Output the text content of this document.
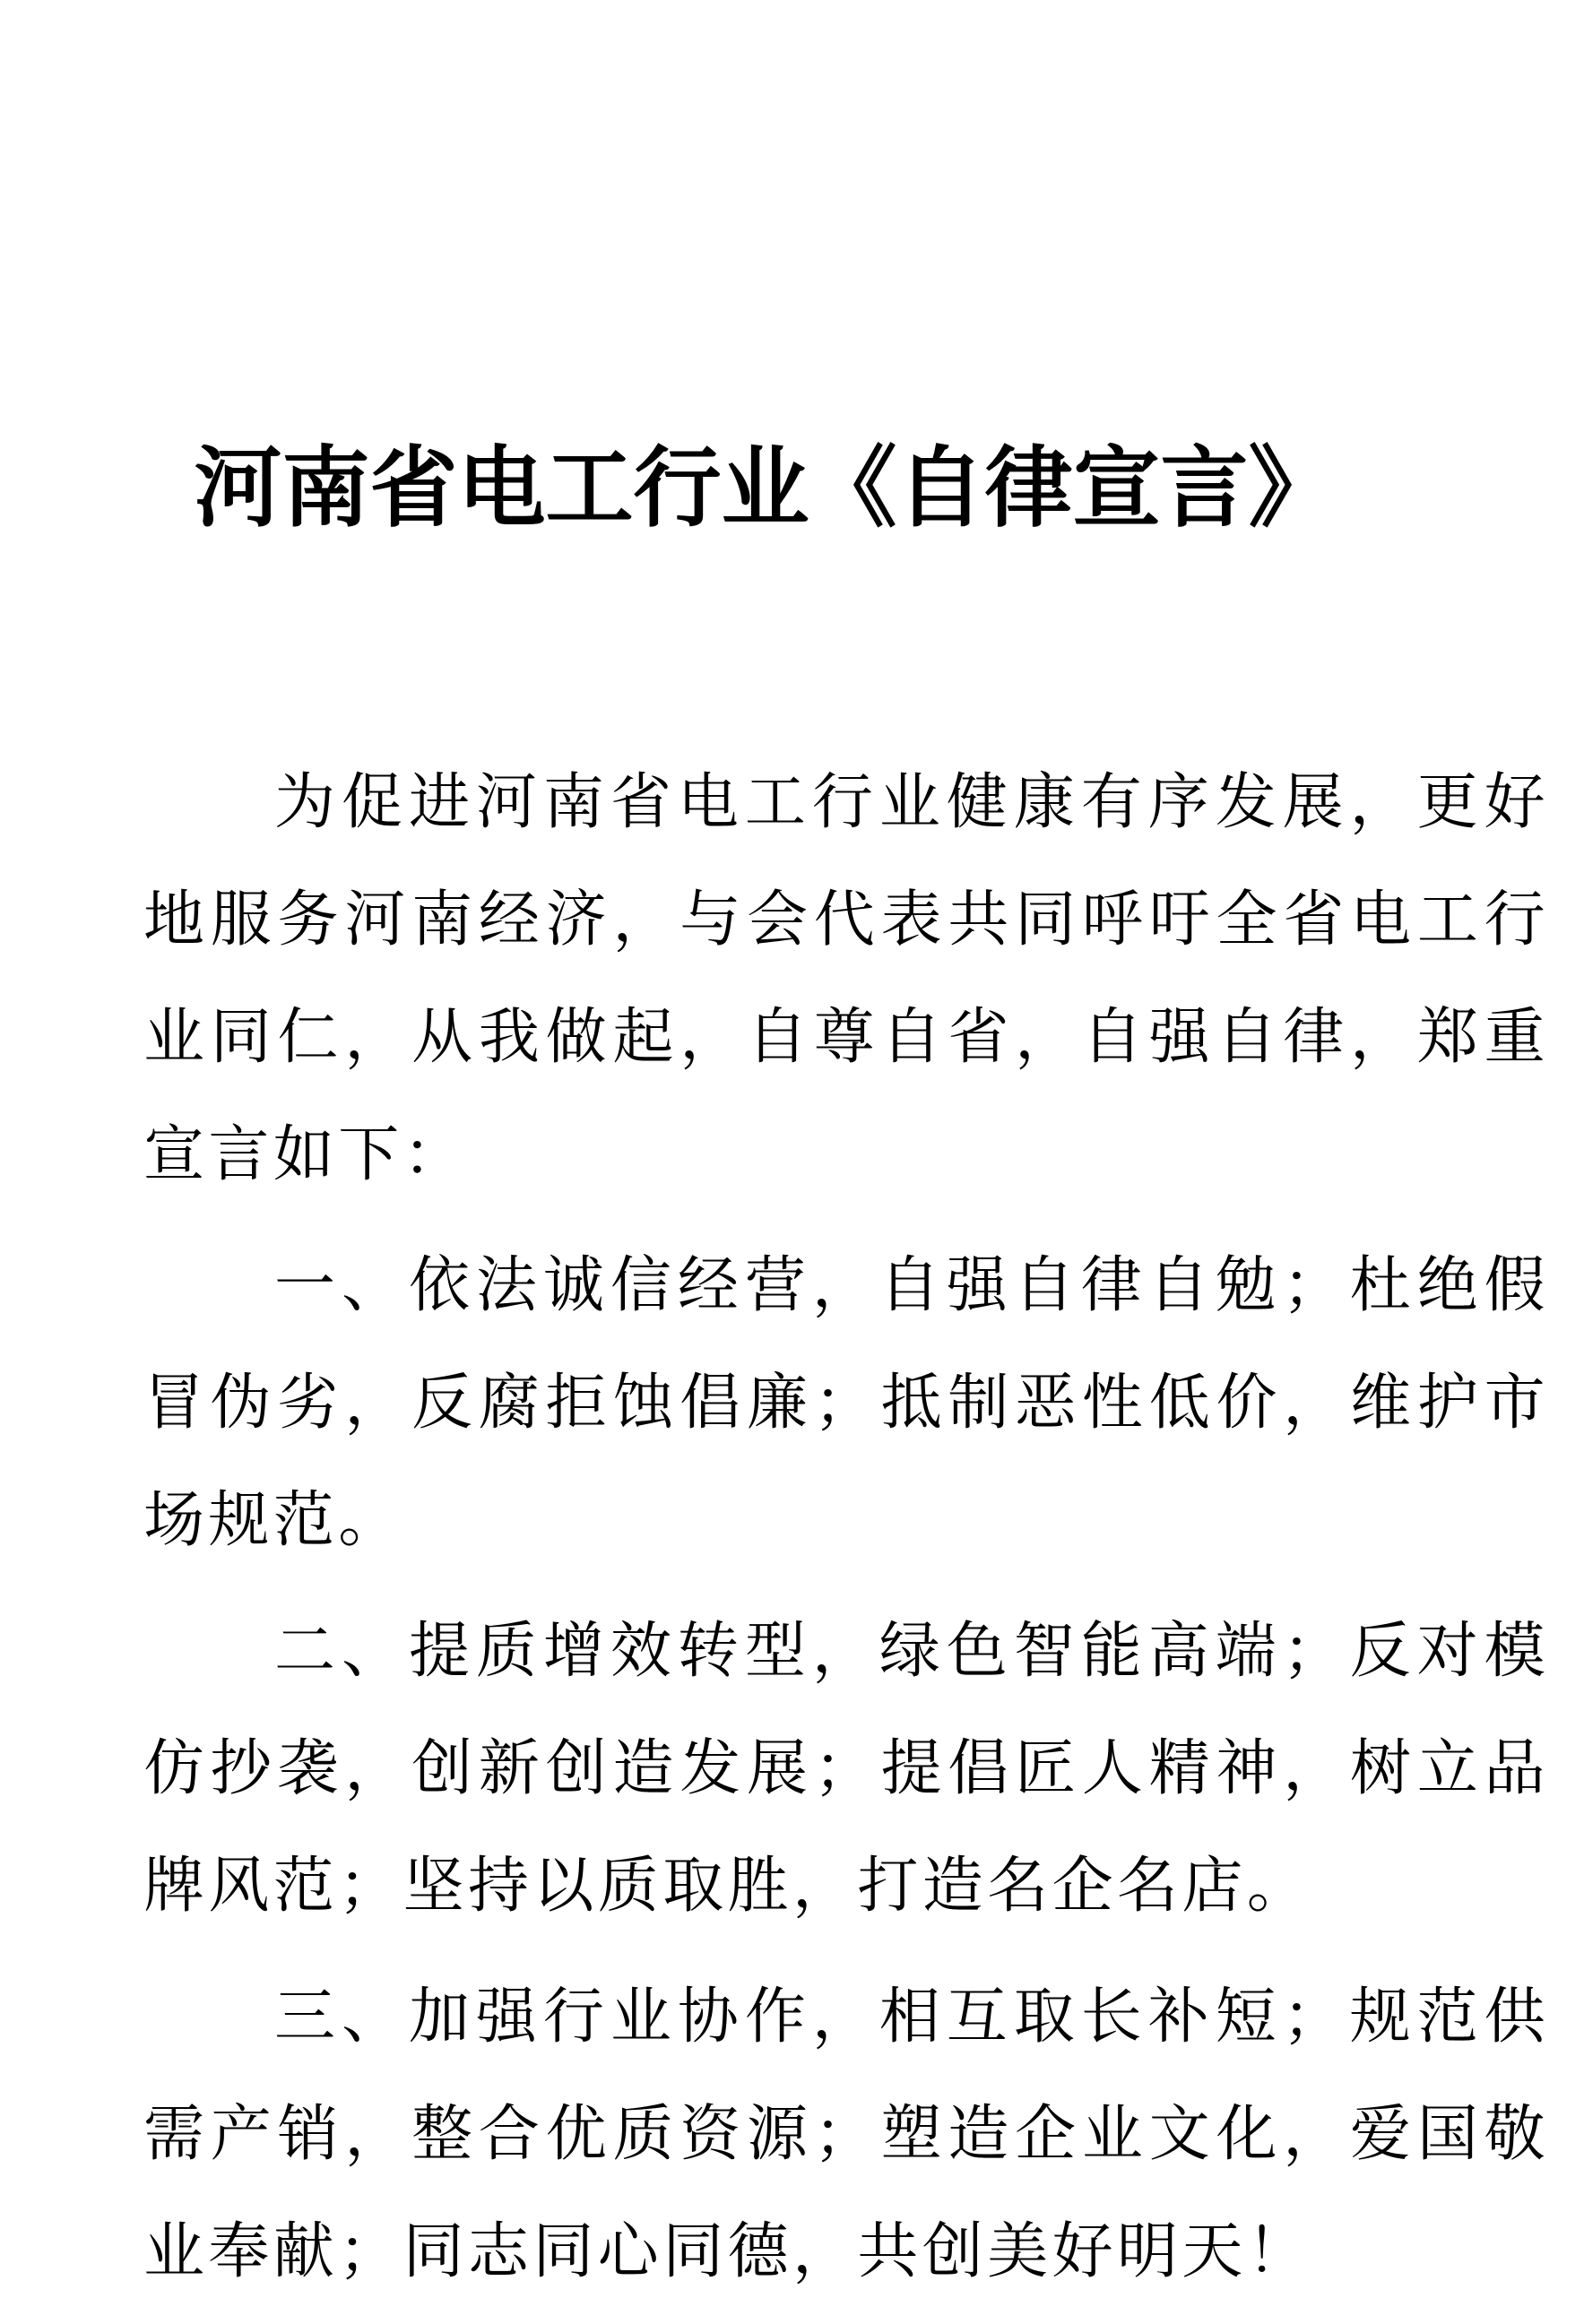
河南省电工行业《自律宣言》

为促进河南省电工行业健康有序发展，更好地服务河南经济，与会代表共同呼吁全省电工行业同仁，从我做起，自尊自省，自强自律，郑重宣言如下：

一、依法诚信经营，自强自律自勉；杜绝假冒伪劣，反腐拒蚀倡廉；抵制恶性低价，维护市场规范。

二、提质增效转型，绿色智能高端；反对模仿抄袭，创新创造发展；提倡匠人精神，树立品牌风范；坚持以质取胜，打造名企名店。

三、加强行业协作，相互取长补短；规范供需产销，整合优质资源；塑造企业文化，爱国敬业奉献；同志同心同德，共创美好明天！
